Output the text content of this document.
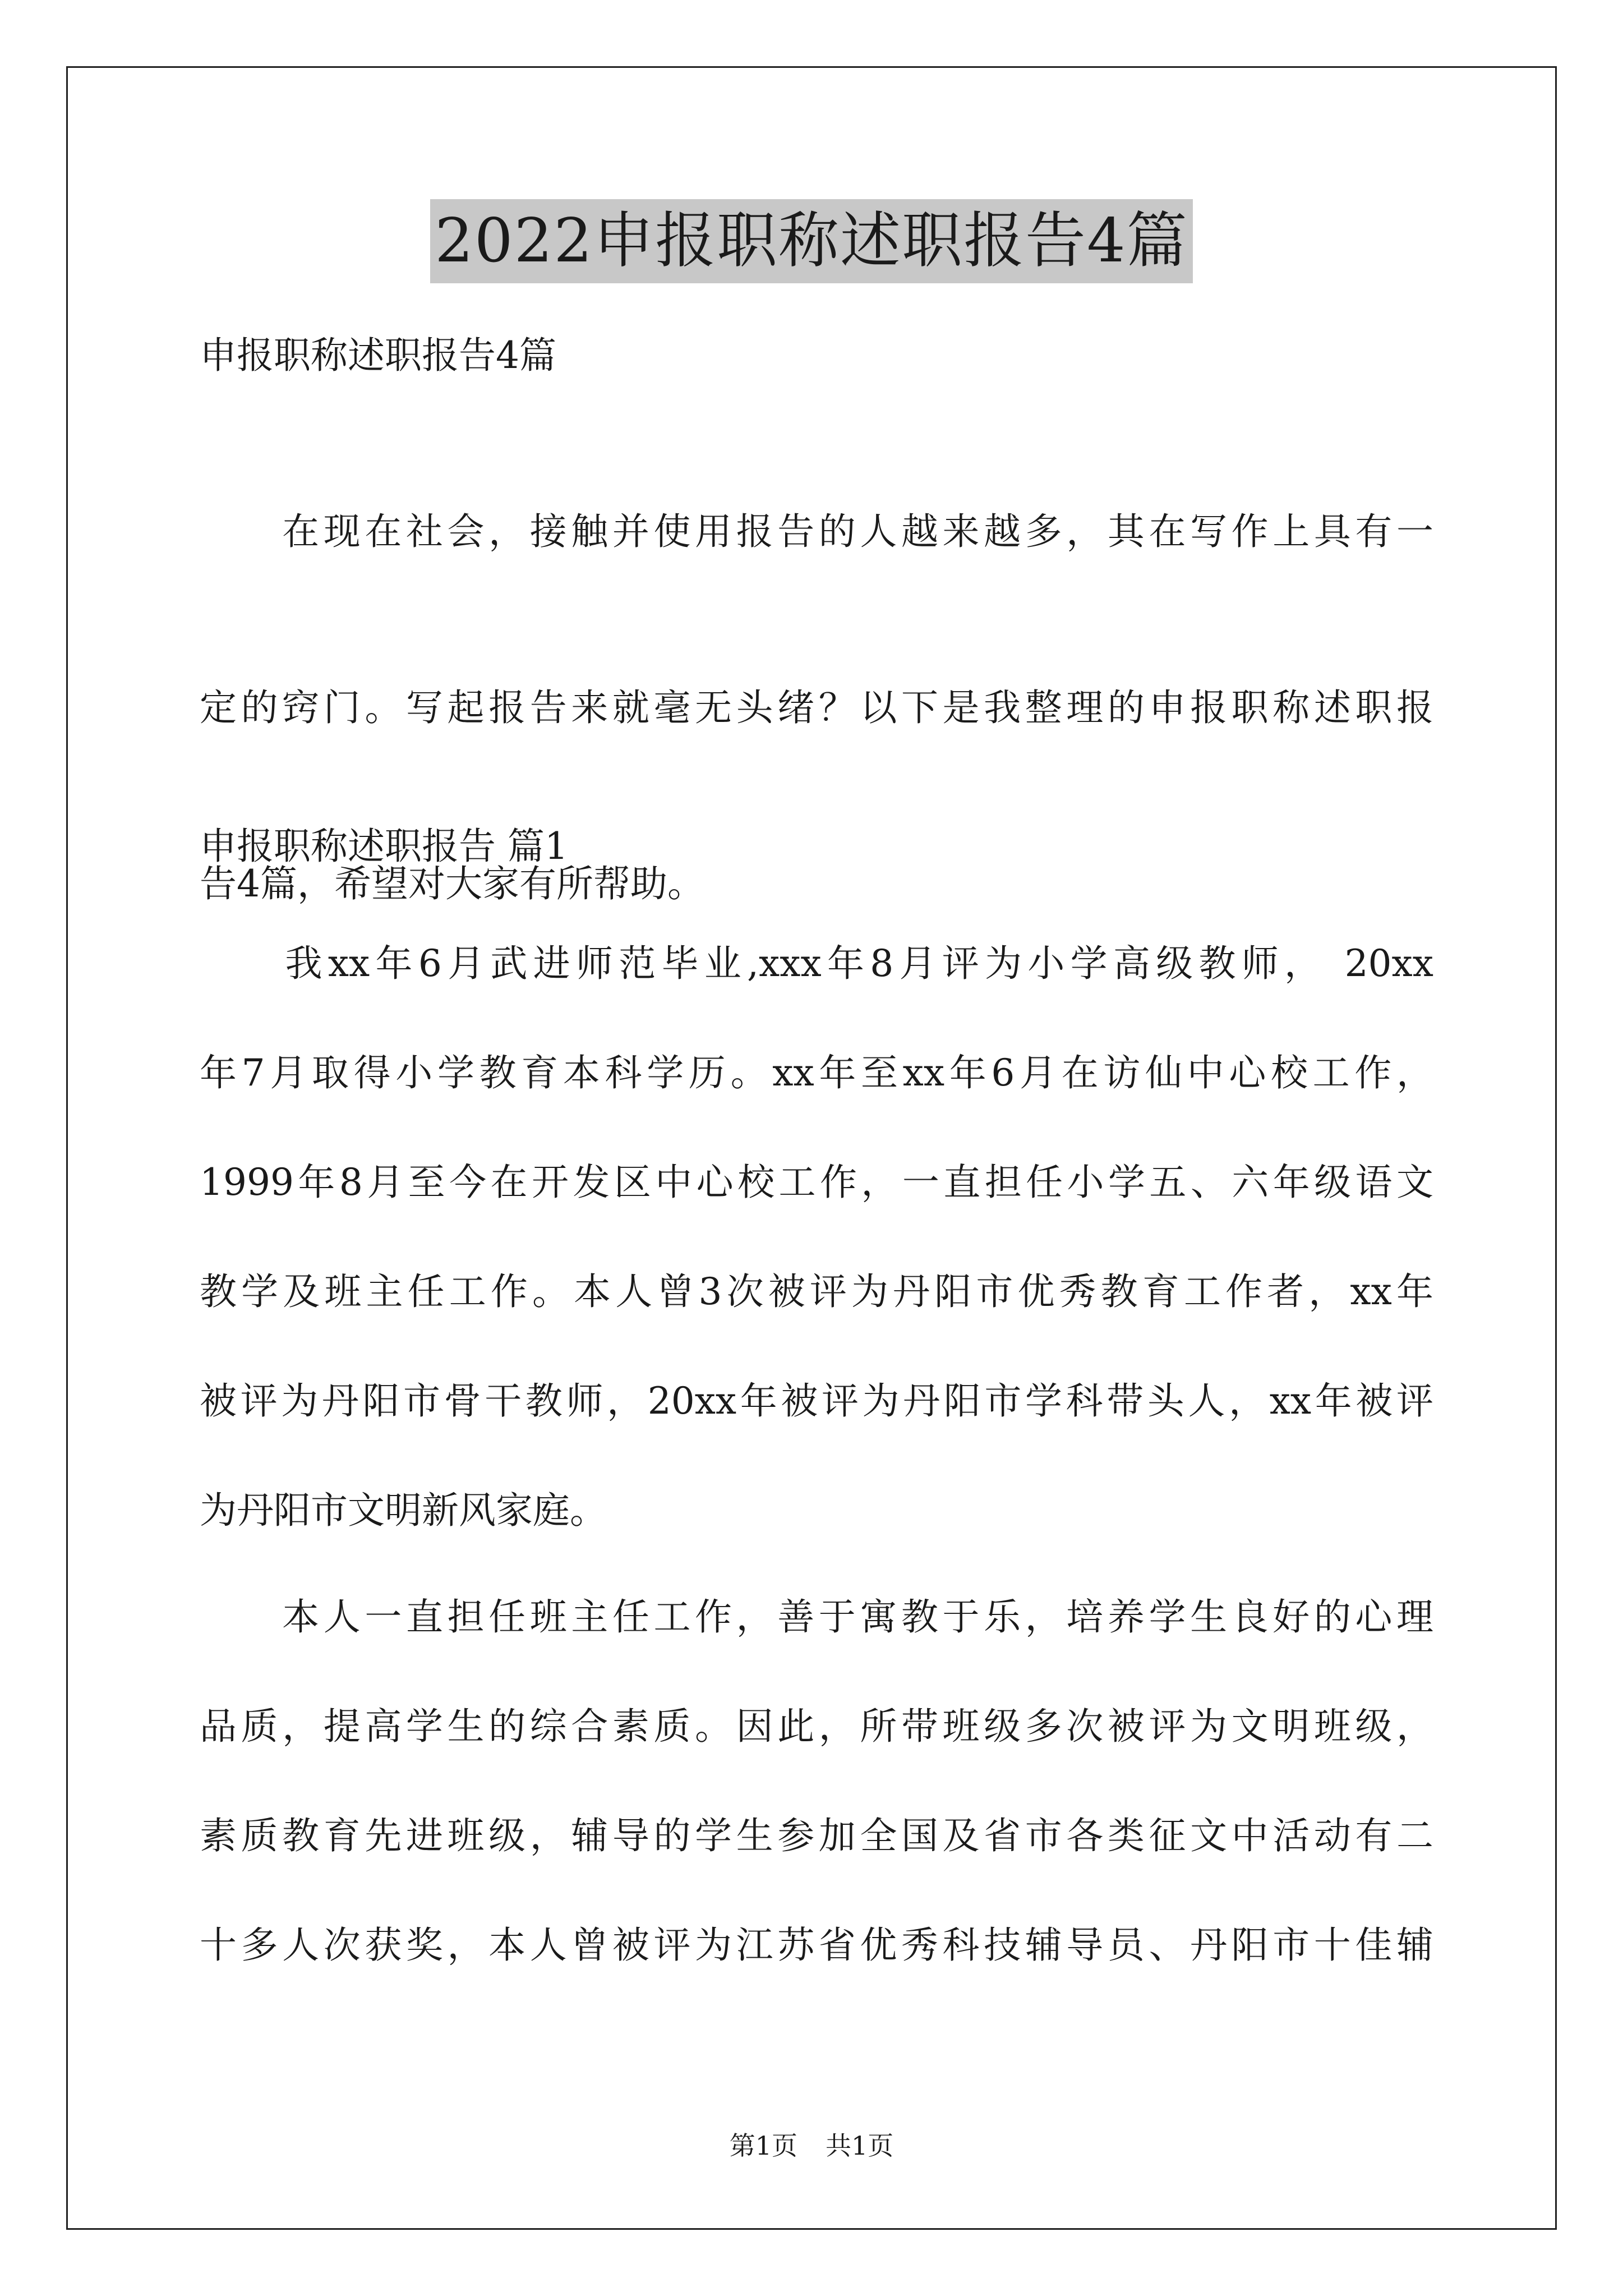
2022申报职称述职报告4篇
申报职称述职报告4篇
　　在现在社会，接触并使用报告的人越来越多，其在写作上具有一
定的窍门。写起报告来就毫无头绪？以下是我整理的申报职称述职报
告4篇，希望对大家有所帮助。
申报职称述职报告 篇1
　　我xx年6月武进师范毕业,xxx年8月评为小学高级教师， 20xx
年7月取得小学教育本科学历。xx年至xx年6月在访仙中心校工作，
1999年8月至今在开发区中心校工作，一直担任小学五、六年级语文
教学及班主任工作。本人曾3次被评为丹阳市优秀教育工作者，xx年
被评为丹阳市骨干教师，20xx年被评为丹阳市学科带头人，xx年被评
为丹阳市文明新风家庭。
　　本人一直担任班主任工作，善于寓教于乐，培养学生良好的心理
品质，提高学生的综合素质。因此，所带班级多次被评为文明班级，
素质教育先进班级，辅导的学生参加全国及省市各类征文中活动有二
十多人次获奖，本人曾被评为江苏省优秀科技辅导员、丹阳市十佳辅
第1页 共1页
